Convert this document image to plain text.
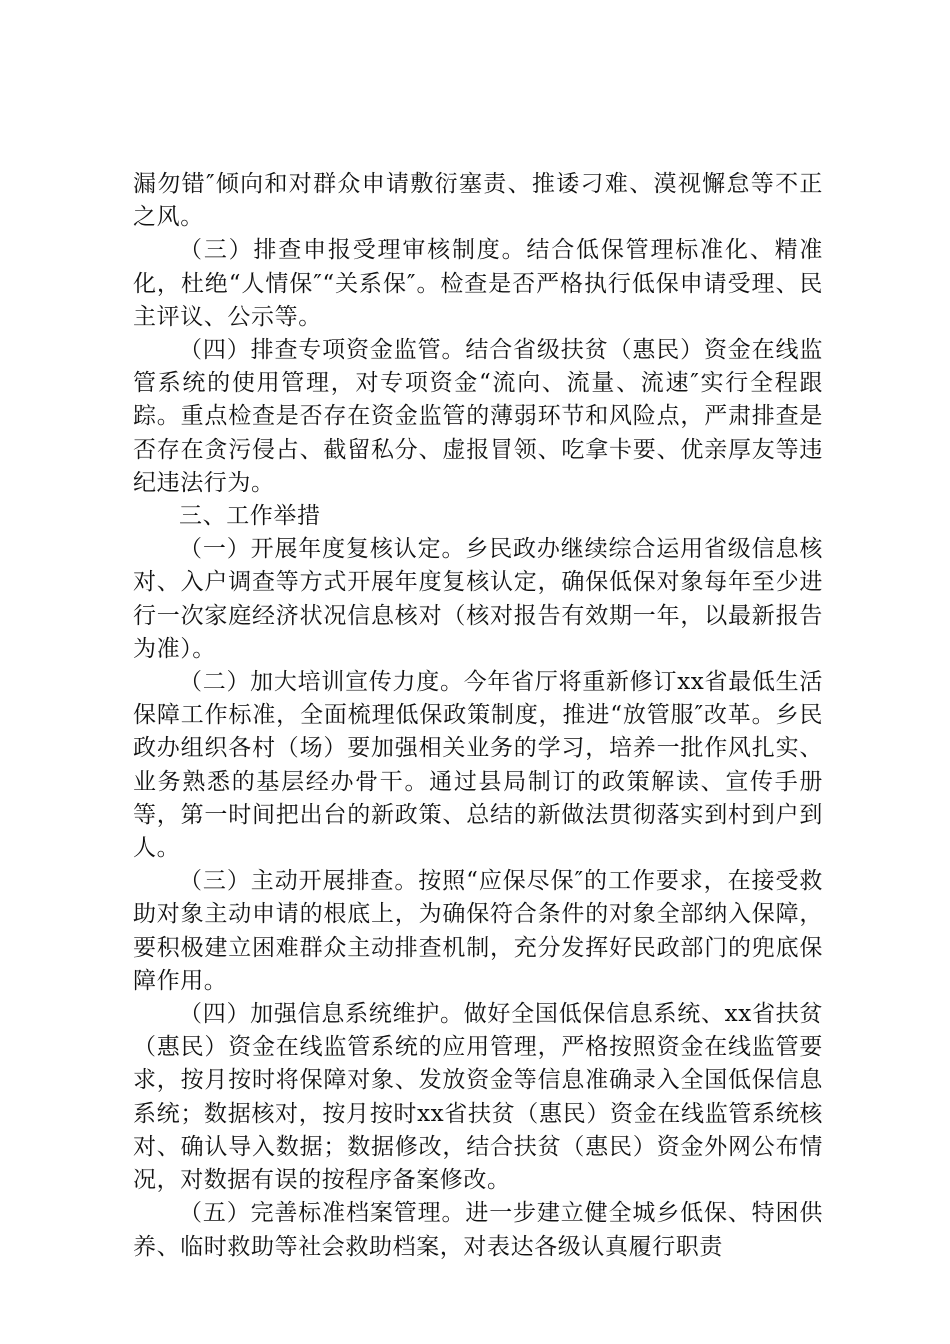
漏勿错″倾向和对群众申请敷衍塞责、推诿刁难、漠视懈怠等不正之风。

（三）排查申报受理审核制度。结合低保管理标准化、精准化，杜绝“人情保″“关系保″。检查是否严格执行低保申请受理、民主评议、公示等。

（四）排查专项资金监管。结合省级扶贫（惠民）资金在线监管系统的使用管理，对专项资金“流向、流量、流速″实行全程跟踪。重点检查是否存在资金监管的薄弱环节和风险点，严肃排查是否存在贪污侵占、截留私分、虚报冒领、吃拿卡要、优亲厚友等违纪违法行为。

三、工作举措

（一）开展年度复核认定。乡民政办继续综合运用省级信息核对、入户调查等方式开展年度复核认定，确保低保对象每年至少进行一次家庭经济状况信息核对（核对报告有效期一年，以最新报告为准）。

（二）加大培训宣传力度。今年省厅将重新修订xx省最低生活保障工作标准，全面梳理低保政策制度，推进“放管服″改革。乡民政办组织各村（场）要加强相关业务的学习，培养一批作风扎实、业务熟悉的基层经办骨干。通过县局制订的政策解读、宣传手册等，第一时间把出台的新政策、总结的新做法贯彻落实到村到户到人。

（三）主动开展排查。按照“应保尽保″的工作要求，在接受救助对象主动申请的根底上，为确保符合条件的对象全部纳入保障，要积极建立困难群众主动排查机制，充分发挥好民政部门的兜底保障作用。

（四）加强信息系统维护。做好全国低保信息系统、xx省扶贫（惠民）资金在线监管系统的应用管理，严格按照资金在线监管要求，按月按时将保障对象、发放资金等信息准确录入全国低保信息系统；数据核对，按月按时xx省扶贫（惠民）资金在线监管系统核对、确认导入数据；数据修改，结合扶贫（惠民）资金外网公布情况，对数据有误的按程序备案修改。

（五）完善标准档案管理。进一步建立健全城乡低保、特困供养、临时救助等社会救助档案，对表达各级认真履行职责
